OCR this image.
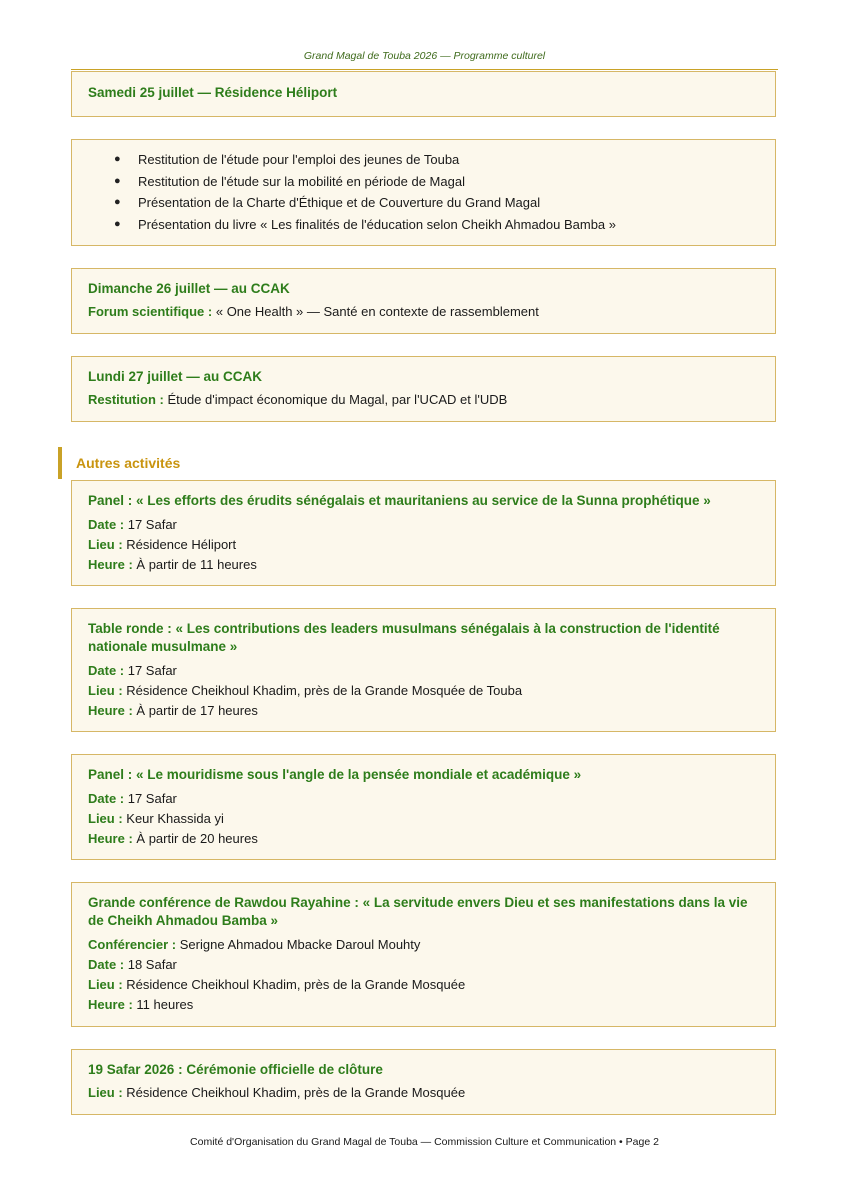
Grand Magal de Touba 2026 — Programme culturel
Samedi 25 juillet — Résidence Héliport
● Restitution de l'étude pour l'emploi des jeunes de Touba
● Restitution de l'étude sur la mobilité en période de Magal
● Présentation de la Charte d'Éthique et de Couverture du Grand Magal
● Présentation du livre « Les finalités de l'éducation selon Cheikh Ahmadou Bamba »
Dimanche 26 juillet — au CCAK
Forum scientifique : « One Health » — Santé en contexte de rassemblement
Lundi 27 juillet — au CCAK
Restitution : Étude d'impact économique du Magal, par l'UCAD et l'UDB
Autres activités
Panel : « Les efforts des érudits sénégalais et mauritaniens au service de la Sunna prophétique »
Date : 17 Safar
Lieu : Résidence Héliport
Heure : À partir de 11 heures
Table ronde : « Les contributions des leaders musulmans sénégalais à la construction de l'identité nationale musulmane »
Date : 17 Safar
Lieu : Résidence Cheikhoul Khadim, près de la Grande Mosquée de Touba
Heure : À partir de 17 heures
Panel : « Le mouridisme sous l'angle de la pensée mondiale et académique »
Date : 17 Safar
Lieu : Keur Khassida yi
Heure : À partir de 20 heures
Grande conférence de Rawdou Rayahine : « La servitude envers Dieu et ses manifestations dans la vie de Cheikh Ahmadou Bamba »
Conférencier : Serigne Ahmadou Mbacke Daroul Mouhty
Date : 18 Safar
Lieu : Résidence Cheikhoul Khadim, près de la Grande Mosquée
Heure : 11 heures
19 Safar 2026 : Cérémonie officielle de clôture
Lieu : Résidence Cheikhoul Khadim, près de la Grande Mosquée
Comité d'Organisation du Grand Magal de Touba — Commission Culture et Communication • Page 2
